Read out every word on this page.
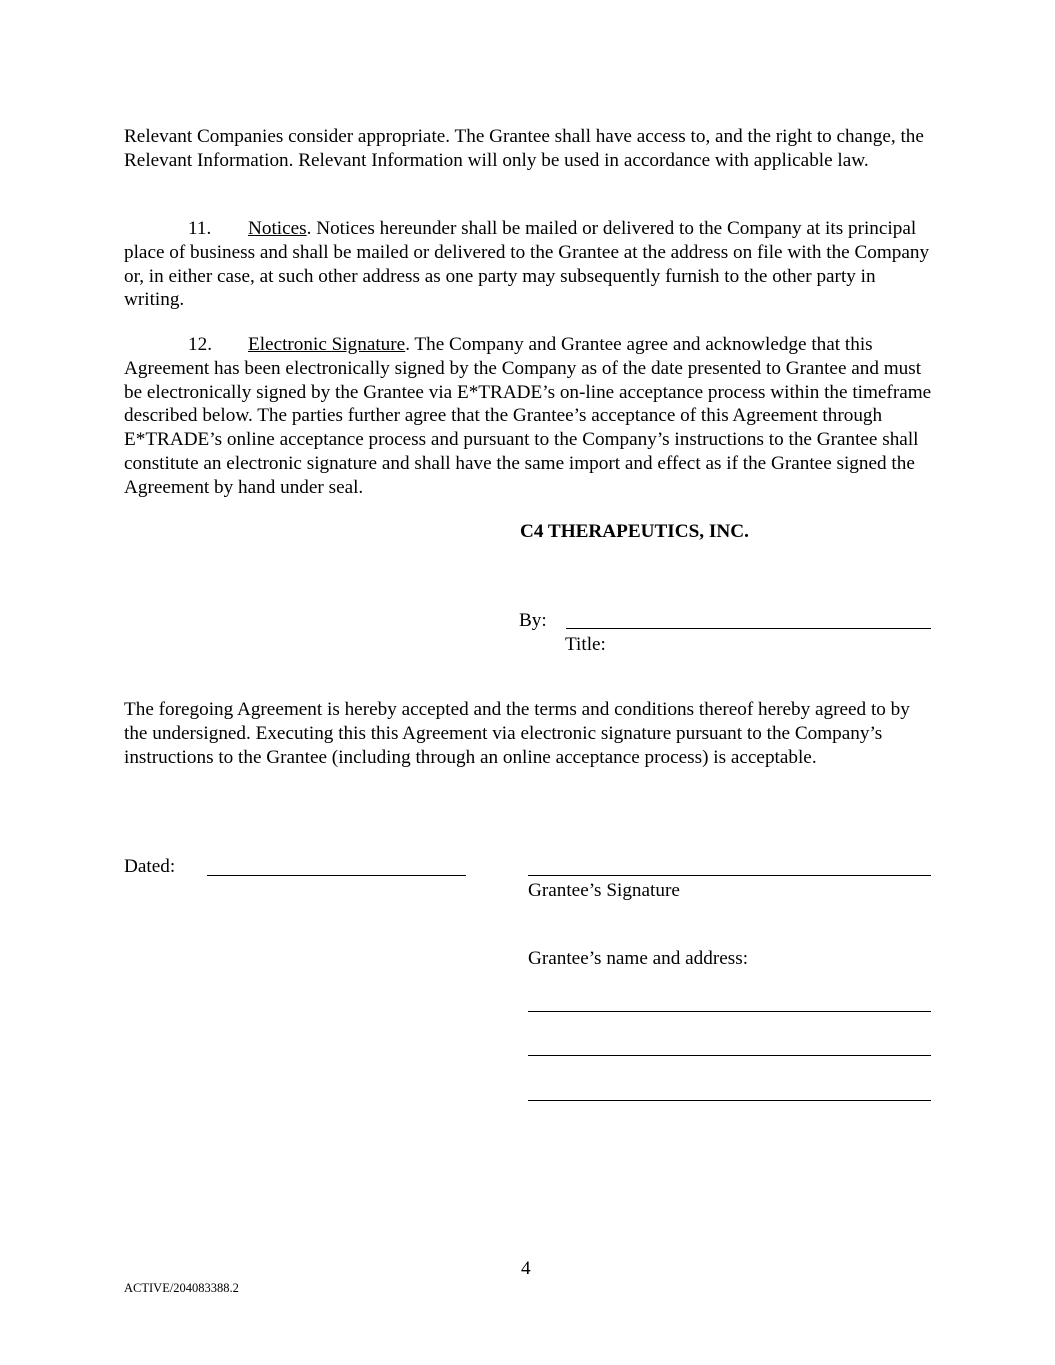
Relevant Companies consider appropriate. The Grantee shall have access to, and the right to change, the Relevant Information. Relevant Information will only be used in accordance with applicable law.

11. Notices. Notices hereunder shall be mailed or delivered to the Company at its principal place of business and shall be mailed or delivered to the Grantee at the address on file with the Company or, in either case, at such other address as one party may subsequently furnish to the other party in writing.

12. Electronic Signature. The Company and Grantee agree and acknowledge that this Agreement has been electronically signed by the Company as of the date presented to Grantee and must be electronically signed by the Grantee via E*TRADE’s on-line acceptance process within the timeframe described below. The parties further agree that the Grantee’s acceptance of this Agreement through E*TRADE’s online acceptance process and pursuant to the Company’s instructions to the Grantee shall constitute an electronic signature and shall have the same import and effect as if the Grantee signed the Agreement by hand under seal.

C4 THERAPEUTICS, INC.
By:
Title:

The foregoing Agreement is hereby accepted and the terms and conditions thereof hereby agreed to by the undersigned. Executing this this Agreement via electronic signature pursuant to the Company’s instructions to the Grantee (including through an online acceptance process) is acceptable.

Dated:
Grantee’s Signature
Grantee’s name and address:
4
ACTIVE/204083388.2
